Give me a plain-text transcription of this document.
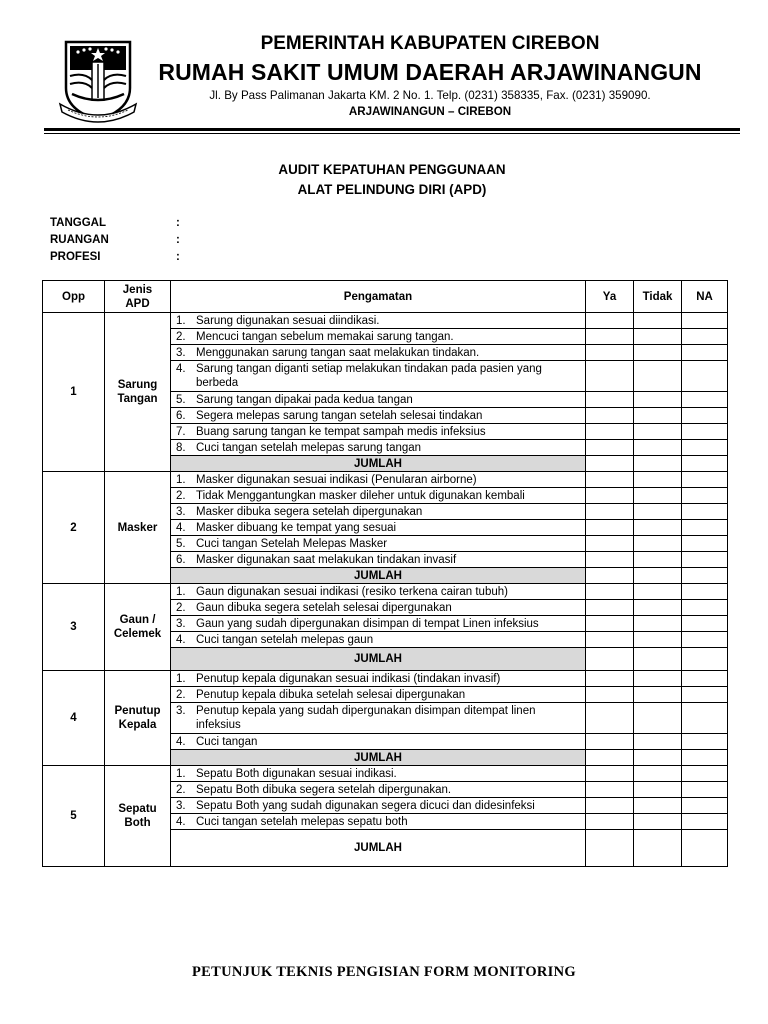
PEMERINTAH KABUPATEN CIREBON
RUMAH SAKIT UMUM DAERAH ARJAWINANGUN
Jl. By Pass Palimanan Jakarta KM. 2 No. 1. Telp. (0231) 358335, Fax. (0231) 359090.
ARJAWINANGUN – CIREBON
AUDIT KEPATUHAN PENGGUNAAN
ALAT PELINDUNG DIRI (APD)
TANGGAL	:
RUANGAN	:
PROFESI	:
Opp	Jenis APD	Pengamatan	Ya	Tidak	NA
1	Sarung Tangan	1. Sarung digunakan sesuai diindikasi.			
		2. Mencuci tangan sebelum memakai sarung tangan.			
		3. Menggunakan sarung tangan saat melakukan tindakan.			
		4. Sarung tangan diganti setiap melakukan tindakan pada pasien yang berbeda			
		5. Sarung tangan dipakai pada kedua tangan			
		6. Segera melepas sarung tangan setelah selesai tindakan			
		7. Buang sarung tangan ke tempat sampah medis infeksius			
		8. Cuci tangan setelah melepas sarung tangan			
		JUMLAH			
2	Masker	1. Masker digunakan sesuai indikasi (Penularan airborne)			
		2. Tidak Menggantungkan masker dileher untuk digunakan kembali			
		3. Masker dibuka segera setelah dipergunakan			
		4. Masker dibuang ke tempat yang sesuai			
		5. Cuci tangan Setelah Melepas Masker			
		6. Masker digunakan saat melakukan tindakan invasif			
		JUMLAH			
3	Gaun / Celemek	1. Gaun digunakan sesuai indikasi (resiko terkena cairan tubuh)			
		2. Gaun dibuka segera setelah selesai dipergunakan			
		3. Gaun yang sudah dipergunakan disimpan di tempat Linen infeksius			
		4. Cuci tangan setelah melepas gaun			
		JUMLAH			
4	Penutup Kepala	1. Penutup kepala digunakan sesuai indikasi (tindakan invasif)			
		2. Penutup kepala dibuka setelah selesai dipergunakan			
		3. Penutup kepala yang sudah dipergunakan disimpan ditempat linen infeksius			
		4. Cuci tangan			
		JUMLAH			
5	Sepatu Both	1. Sepatu Both digunakan sesuai indikasi.			
		2. Sepatu Both dibuka segera setelah dipergunakan.			
		3. Sepatu Both yang sudah digunakan segera dicuci dan didesinfeksi			
		4. Cuci tangan setelah melepas sepatu both			
		JUMLAH			
PETUNJUK TEKNIS PENGISIAN FORM MONITORING
